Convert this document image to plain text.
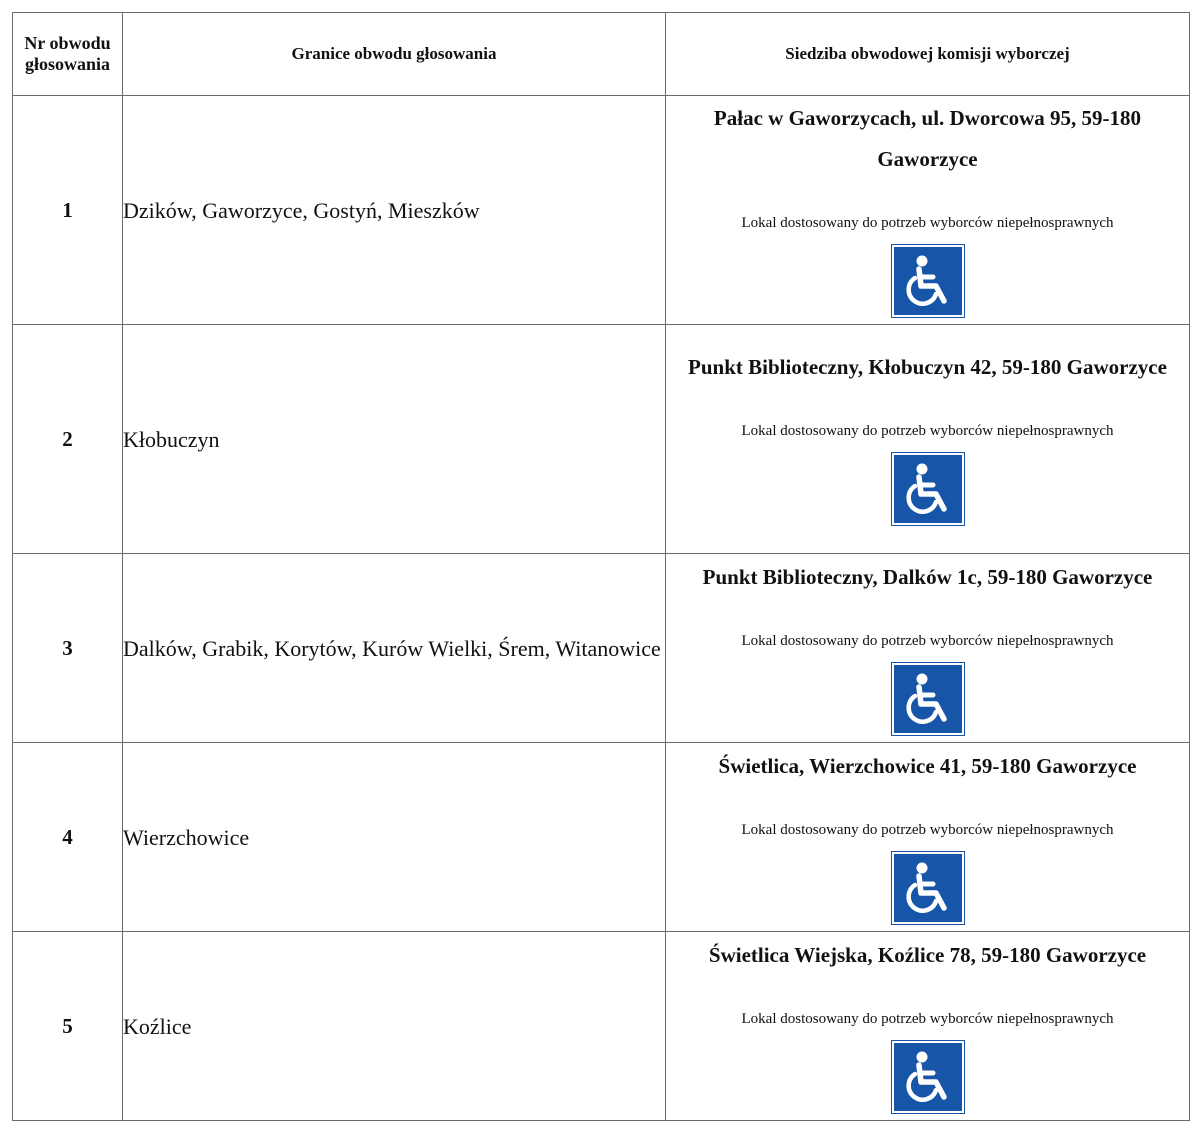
Nr obwodu głosowania	Granice obwodu głosowania	Siedziba obwodowej komisji wyborczej
1	Dzików, Gaworzyce, Gostyń, Mieszków	Pałac w Gaworzycach, ul. Dworcowa 95, 59-180 Gaworzyce
Lokal dostosowany do potrzeb wyborców niepełnosprawnych

2	Kłobuczyn	Punkt Biblioteczny, Kłobuczyn 42, 59-180 Gaworzyce
Lokal dostosowany do potrzeb wyborców niepełnosprawnych

3	Dalków, Grabik, Korytów, Kurów Wielki, Śrem, Witanowice	Punkt Biblioteczny, Dalków 1c, 59-180 Gaworzyce
Lokal dostosowany do potrzeb wyborców niepełnosprawnych

4	Wierzchowice	Świetlica, Wierzchowice 41, 59-180 Gaworzyce
Lokal dostosowany do potrzeb wyborców niepełnosprawnych

5	Koźlice	Świetlica Wiejska, Koźlice 78, 59-180 Gaworzyce
Lokal dostosowany do potrzeb wyborców niepełnosprawnych
